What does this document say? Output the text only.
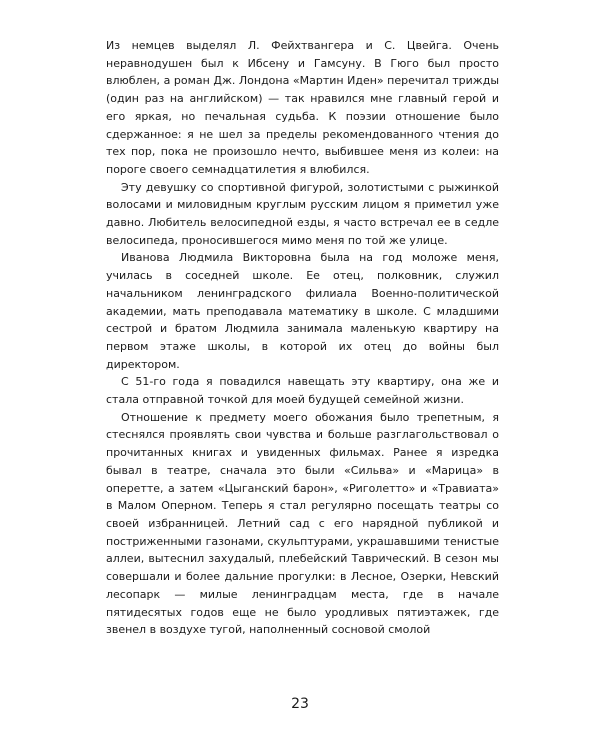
Из немцев выделял Л. Фейхтвангера и С. Цвейга. Очень неравнодушен был к Ибсену и Гамсуну. В Гюго был просто влюблен, а роман Дж. Лондона «Мартин Иден» перечитал трижды (один раз на английском) — так нравился мне главный герой и его яркая, но печальная судьба. К поэзии отношение было сдержанное: я не шел за пределы рекомендованного чтения до тех пор, пока не произошло нечто, выбившее меня из колеи: на пороге своего семнадцатилетия я влюбился.

Эту девушку со спортивной фигурой, золотистыми с рыжинкой волосами и миловидным круглым русским лицом я приметил уже давно. Любитель велосипедной езды, я часто встречал ее в седле велосипеда, проносившегося мимо меня по той же улице.

Иванова Людмила Викторовна была на год моложе меня, училась в соседней школе. Ее отец, полковник, служил начальником ленинградского филиала Военно-политической академии, мать преподавала математику в школе. С младшими сестрой и братом Людмила занимала маленькую квартиру на первом этаже школы, в которой их отец до войны был директором.

С 51-го года я повадился навещать эту квартиру, она же и стала отправной точкой для моей будущей семейной жизни.

Отношение к предмету моего обожания было трепетным, я стеснялся проявлять свои чувства и больше разглагольствовал о прочитанных книгах и увиденных фильмах. Ранее я изредка бывал в театре, сначала это были «Сильва» и «Марица» в оперетте, а затем «Цыганский барон», «Риголетто» и «Травиата» в Малом Оперном. Теперь я стал регулярно посещать театры со своей избранницей. Летний сад с его нарядной публикой и постриженными газонами, скульптурами, украшавшими тенистые аллеи, вытеснил захудалый, плебейский Таврический. В сезон мы совершали и более дальние прогулки: в Лесное, Озерки, Невский лесопарк — милые ленинградцам места, где в начале пятидесятых годов еще не было уродливых пятиэтажек, где звенел в воздухе тугой, наполненный сосновой смолой

23
